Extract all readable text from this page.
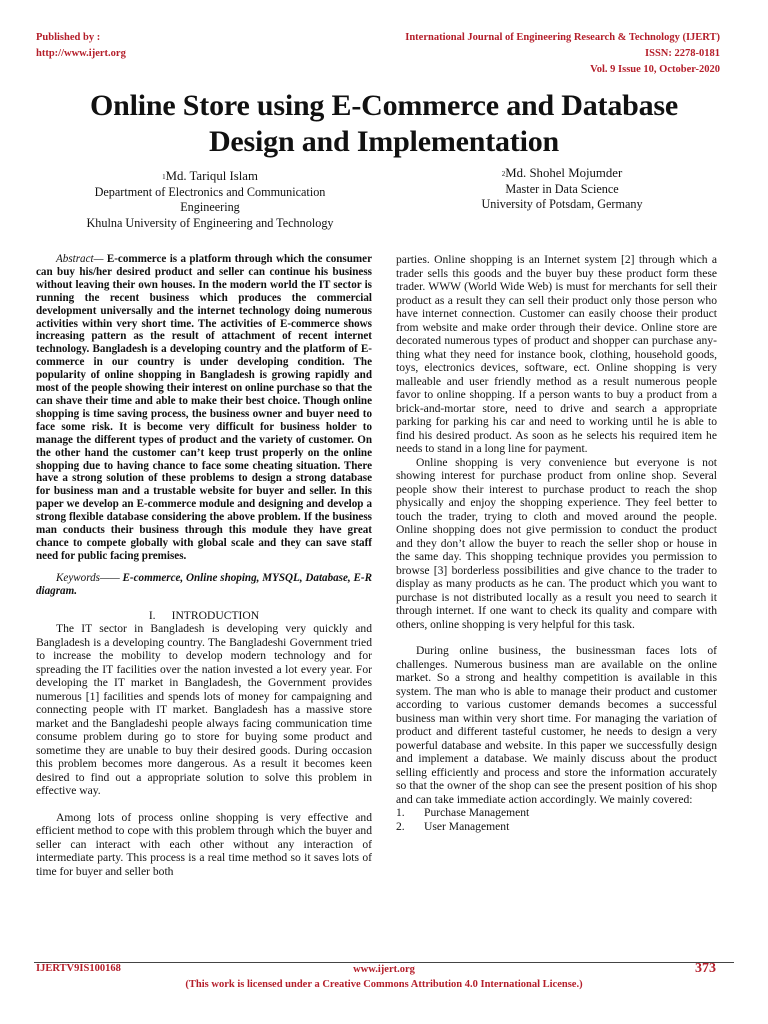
Published by :
http://www.ijert.org
International Journal of Engineering Research & Technology (IJERT)
ISSN: 2278-0181
Vol. 9 Issue 10, October-2020
Online Store using E-Commerce and Database
Design and Implementation
$^1$Md. Tariqul Islam
Department of Electronics and Communication
Engineering
Khulna University of Engineering and Technology
$^2$Md. Shohel Mojumder
Master in Data Science
University of Potsdam, Germany

Abstract— E-commerce is a platform through which the consumer can buy his/her desired product and seller can continue his business without leaving their own houses. In the modern world the IT sector is running the recent business which produces the commercial development universally and the internet technology doing numerous activities within very short time. The activities of E-commerce shows increasing pattern as the result of attachment of recent internet technology. Bangladesh is a developing country and the platform of E-commerce in our country is under developing condition. The popularity of online shopping in Bangladesh is growing rapidly and most of the people showing their interest on online purchase so that the can shave their time and able to make their best choice. Though online shopping is time saving process, the business owner and buyer need to face some risk. It is become very difficult for business holder to manage the different types of product and the variety of customer. On the other hand the customer can’t keep trust properly on the online shopping due to having chance to face some cheating situation. There have a strong solution of these problems to design a strong database for business man and a trustable website for buyer and seller. In this paper we develop an E-commerce module and designing and develop a strong flexible database considering the above problem. If the business man conducts their business through this module they have great chance to compete globally with global scale and they can save staff need for public facing premises.

Keywords—— E-commerce, Online shoping, MYSQL, Database, E-R diagram.

I. INTRODUCTION

The IT sector in Bangladesh is developing very quickly and Bangladesh is a developing country. The Bangladeshi Government tried to increase the mobility to develop modern technology and for spreading the IT facilities over the nation invested a lot every year. For developing the IT market in Bangladesh, the Government provides numerous [1] facilities and spends lots of money for campaigning and connecting people with IT market. Bangladesh has a massive store market and the Bangladeshi people always facing communication time consume problem during go to store for buying some product and sometime they are unable to buy their desired goods. During occasion this problem becomes more dangerous. As a result it becomes keen desired to find out a appropriate solution to solve this problem in effective way.

Among lots of process online shopping is very effective and efficient method to cope with this problem through which the buyer and seller can interact with each other without any interaction of intermediate party. This process is a real time method so it saves lots of time for buyer and seller both

parties. Online shopping is an Internet system [2] through which a trader sells this goods and the buyer buy these product form these trader. WWW (World Wide Web) is must for merchants for sell their product as a result they can sell their product only those person who have internet connection. Customer can easily choose their product from website and make order through their device. Online store are decorated numerous types of product and shopper can purchase any-thing what they need for instance book, clothing, household goods, toys, electronics devices, software, ect. Online shopping is very malleable and user friendly method as a result numerous people favor to online shopping. If a person wants to buy a product from a brick-and-mortar store, need to drive and search a appropriate parking for parking his car and need to working until he is able to find his desired product. As soon as he selects his required item he needs to stand in a long line for payment.

Online shopping is very convenience but everyone is not showing interest for purchase product from online shop. Several people show their interest to purchase product to reach the shop physically and enjoy the shopping experience. They feel better to touch the trader, trying to cloth and moved around the people. Online shopping does not give permission to conduct the product and they don’t allow the buyer to reach the seller shop or house in the same day. This shopping technique provides you permission to browse [3] borderless possibilities and give chance to the trader to display as many products as he can. The product which you want to purchase is not distributed locally as a result you need to search it through internet. If one want to check its quality and compare with others, online shopping is very helpful for this task.

During online business, the businessman faces lots of challenges. Numerous business man are available on the online market. So a strong and healthy competition is available in this system. The man who is able to manage their product and customer according to various customer demands becomes a successful business man within very short time. For managing the variation of product and different tasteful customer, he needs to design a very powerful database and website. In this paper we successfully design and implement a database. We mainly discuss about the product selling efficiently and process and store the information accurately so that the owner of the shop can see the present position of his shop and can take immediate action accordingly. We mainly covered:

1. Purchase Management
2. User Management
IJERTV9IS100168	www.ijert.org
(This work is licensed under a Creative Commons Attribution 4.0 International License.)
373
